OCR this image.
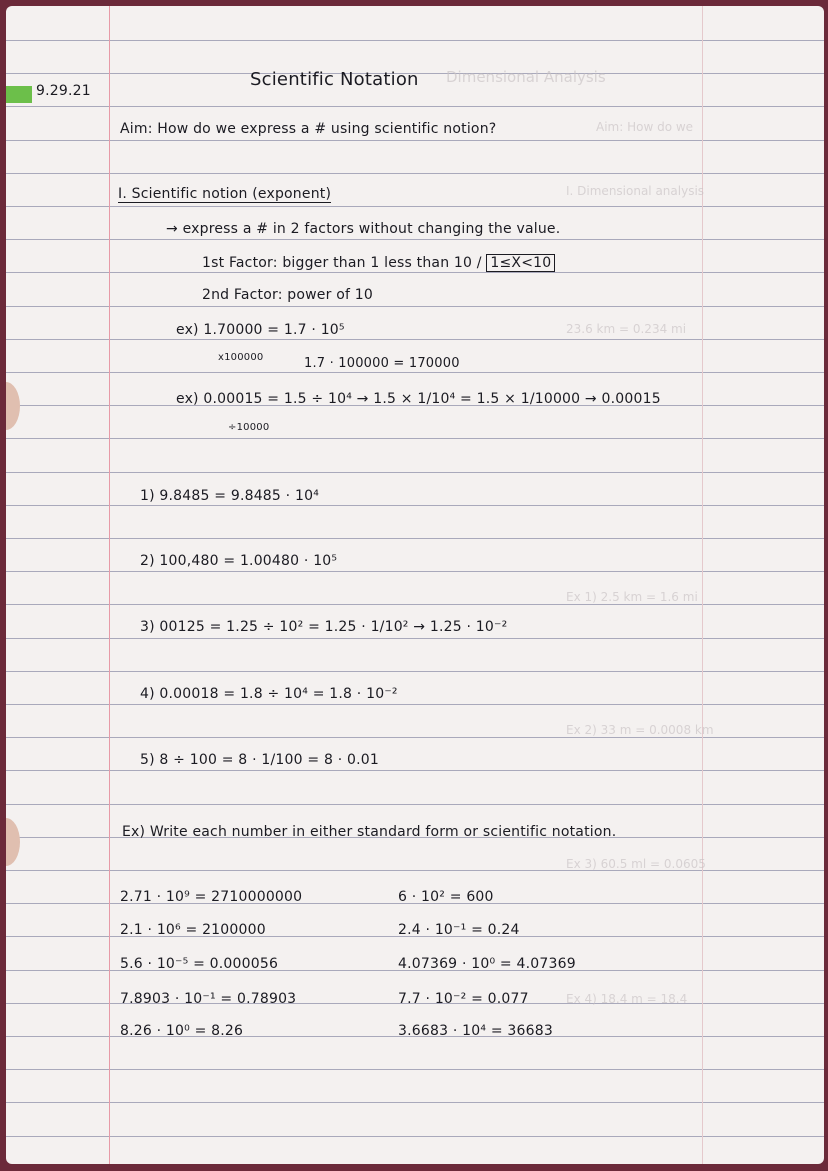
Dimensional Analysis
Aim: How do we
I. Dimensional analysis
23.6 km = 0.234 mi
Ex 1) 2.5 km = 1.6 mi
Ex 2) 33 m = 0.0008 km
Ex 3) 60.5 ml = 0.0605
Ex 4) 18.4 m = 18.4
9.29.21
Scientific Notation
Aim: How do we express a # using scientific notion?
I. Scientific notion (exponent)
→ express a # in 2 factors without changing the value.
1st Factor: bigger than 1 less than 10 / 1≤X<10
2nd Factor: power of 10
ex) 1.70000 = 1.7 · 10⁵
x100000	1.7 · 100000 = 170000
ex) 0.00015 = 1.5 ÷ 10⁴ → 1.5 × 1/10⁴ = 1.5 × 1/10000 → 0.00015
÷10000
1) 9.8485 = 9.8485 · 10⁴
2) 100,480 = 1.00480 · 10⁵
3) 00125 = 1.25 ÷ 10² = 1.25 · 1/10² → 1.25 · 10⁻²
4) 0.00018 = 1.8 ÷ 10⁴ = 1.8 · 10⁻²
5) 8 ÷ 100 = 8 · 1/100 = 8 · 0.01
Ex) Write each number in either standard form or scientific notation.
2.71 · 10⁹ = 2710000000
2.1 · 10⁶ = 2100000
5.6 · 10⁻⁵ = 0.000056
7.8903 · 10⁻¹ = 0.78903
8.26 · 10⁰ = 8.26
6 · 10² = 600
2.4 · 10⁻¹ = 0.24
4.07369 · 10⁰ = 4.07369
7.7 · 10⁻² = 0.077
3.6683 · 10⁴ = 36683
